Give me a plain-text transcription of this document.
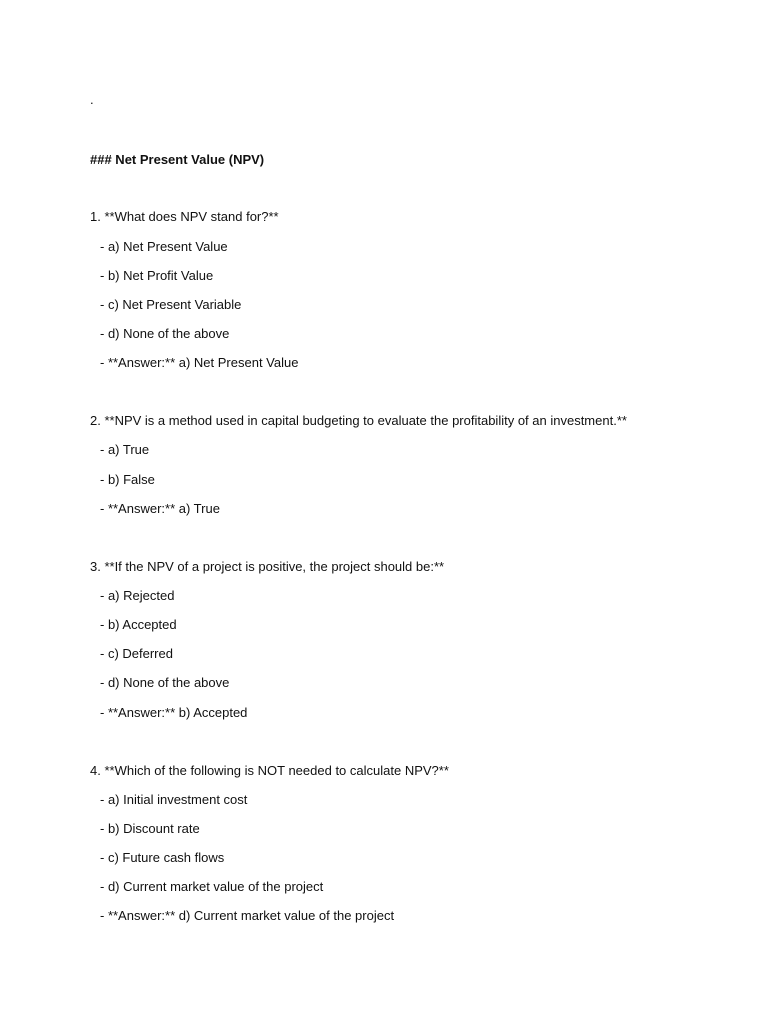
.
### Net Present Value (NPV)
1. **What does NPV stand for?**
- a) Net Present Value
- b) Net Profit Value
- c) Net Present Variable
- d) None of the above
- **Answer:** a) Net Present Value
2. **NPV is a method used in capital budgeting to evaluate the profitability of an investment.**
- a) True
- b) False
- **Answer:** a) True
3. **If the NPV of a project is positive, the project should be:**
- a) Rejected
- b) Accepted
- c) Deferred
- d) None of the above
- **Answer:** b) Accepted
4. **Which of the following is NOT needed to calculate NPV?**
- a) Initial investment cost
- b) Discount rate
- c) Future cash flows
- d) Current market value of the project
- **Answer:** d) Current market value of the project
